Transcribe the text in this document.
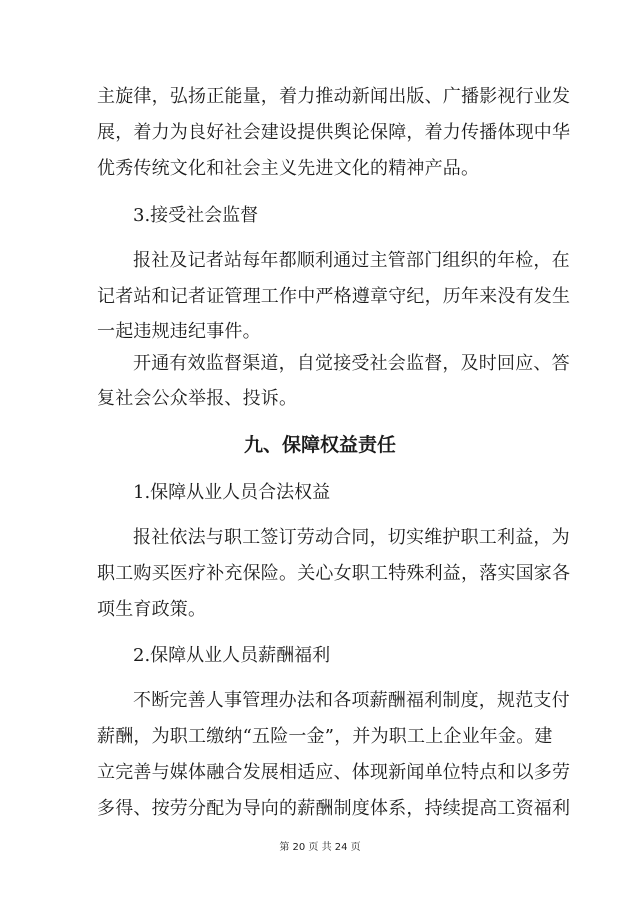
主旋律，弘扬正能量，着力推动新闻出版、广播影视行业发
展，着力为良好社会建设提供舆论保障，着力传播体现中华
优秀传统文化和社会主义先进文化的精神产品。
3.接受社会监督
报社及记者站每年都顺利通过主管部门组织的年检，在
记者站和记者证管理工作中严格遵章守纪，历年来没有发生
一起违规违纪事件。
开通有效监督渠道，自觉接受社会监督，及时回应、答
复社会公众举报、投诉。
九、保障权益责任
1.保障从业人员合法权益
报社依法与职工签订劳动合同，切实维护职工利益，为
职工购买医疗补充保险。关心女职工特殊利益，落实国家各
项生育政策。
2.保障从业人员薪酬福利
不断完善人事管理办法和各项薪酬福利制度，规范支付
薪酬，为职工缴纳“五险一金”，并为职工上企业年金。建
立完善与媒体融合发展相适应、体现新闻单位特点和以多劳
多得、按劳分配为导向的薪酬制度体系，持续提高工资福利
第 20 页 共 24 页
